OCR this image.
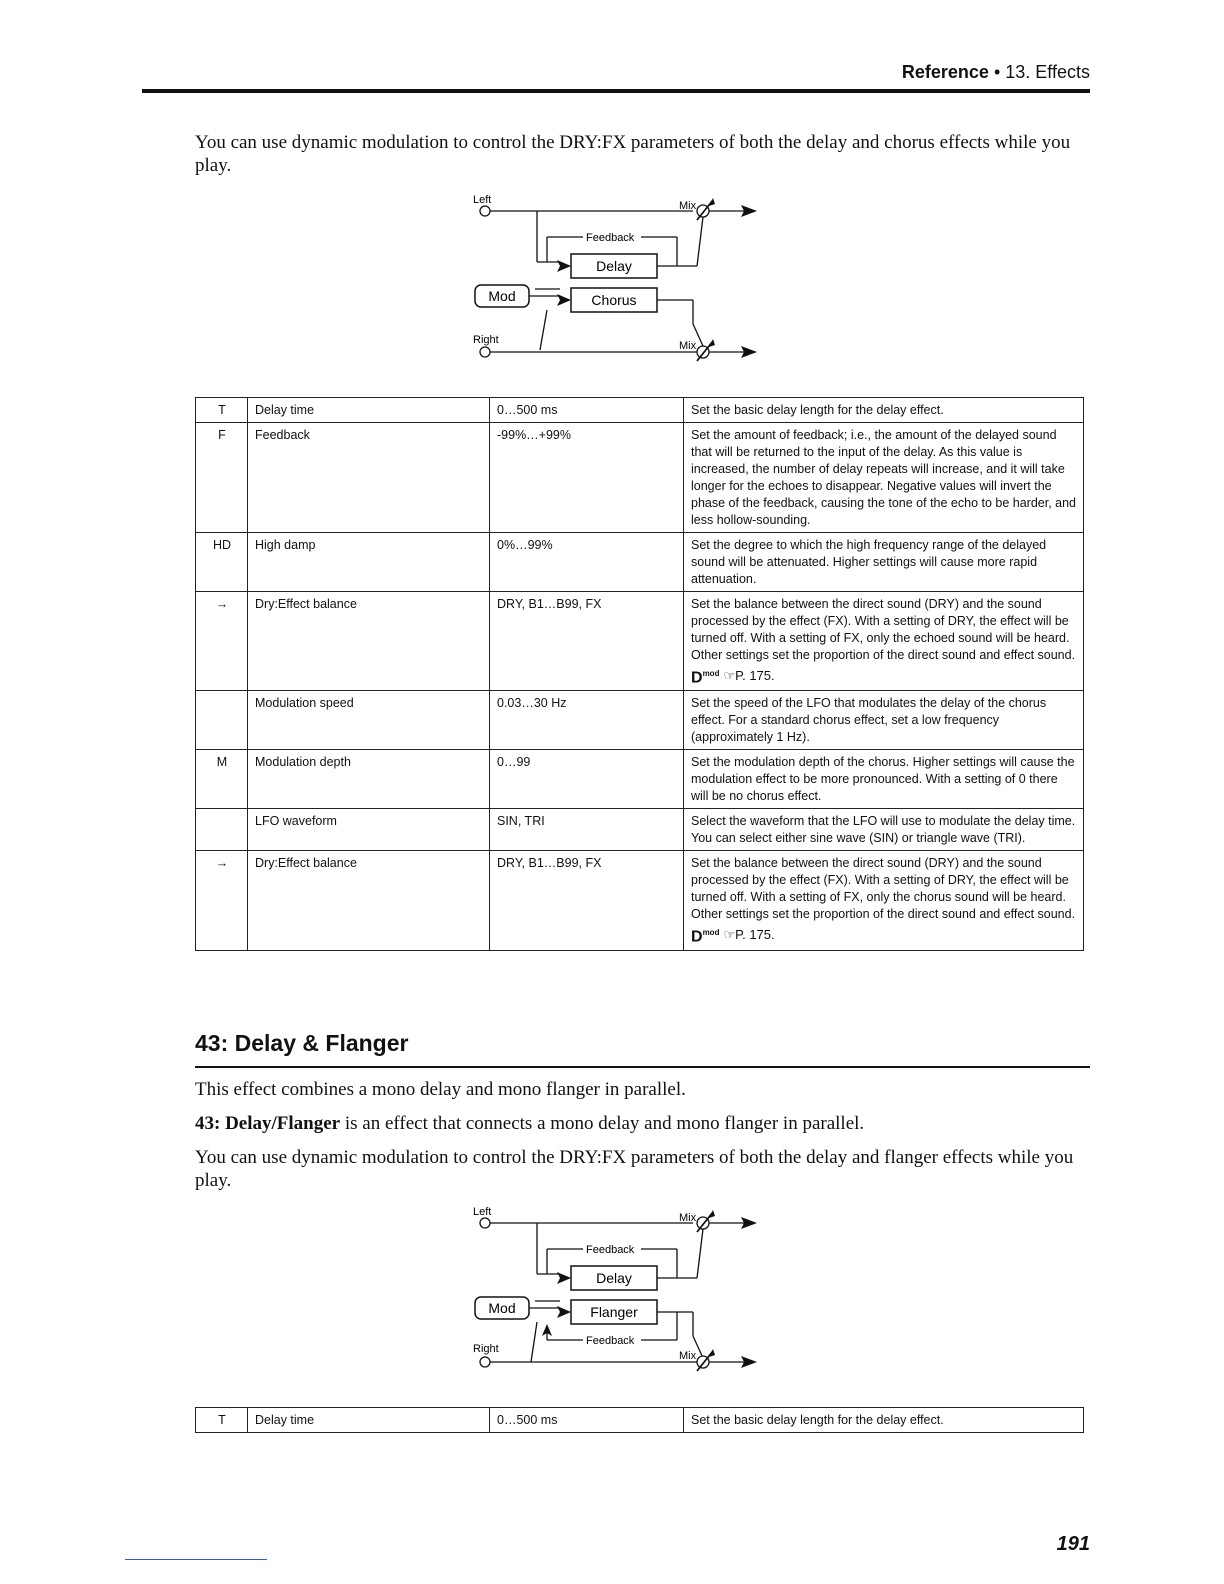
Reference • 13. Effects
You can use dynamic modulation to control the DRY:FX parameters of both the delay and chorus effects while you play.
Left	Mix
Feedback
Delay
Mod	Chorus
Right	Mix
T	Delay time	0…500 ms	Set the basic delay length for the delay effect.

F	Feedback	-99%…+99%	Set the amount of feedback; i.e., the amount of the delayed sound that will be returned to the input of the delay. As this value is increased, the number of delay repeats will increase, and it will take longer for the echoes to disappear. Negative values will invert the phase of the feedback, causing the tone of the echo to be harder, and less hollow-sounding.

HD	High damp	0%…99%	Set the degree to which the high frequency range of the delayed sound will be attenuated. Higher settings will cause more rapid attenuation.

→	Dry:Effect balance	DRY, B1…B99, FX	Set the balance between the direct sound (DRY) and the sound processed by the effect (FX). With a setting of DRY, the effect will be turned off. With a setting of FX, only the echoed sound will be heard. Other settings set the proportion of the direct sound and effect sound.
$D^{mod}$ ☞P. 175.

	Modulation speed	0.03…30 Hz	Set the speed of the LFO that modulates the delay of the chorus effect. For a standard chorus effect, set a low frequency (approximately 1 Hz).

M	Modulation depth	0…99	Set the modulation depth of the chorus. Higher settings will cause the modulation effect to be more pronounced. With a setting of 0 there will be no chorus effect.

	LFO waveform	SIN, TRI	Select the waveform that the LFO will use to modulate the delay time. You can select either sine wave (SIN) or triangle wave (TRI).

→	Dry:Effect balance	DRY, B1…B99, FX	Set the balance between the direct sound (DRY) and the sound processed by the effect (FX). With a setting of DRY, the effect will be turned off. With a setting of FX, only the chorus sound will be heard. Other settings set the proportion of the direct sound and effect sound.
$D^{mod}$ ☞P. 175.
43: Delay & Flanger
This effect combines a mono delay and mono flanger in parallel.
43: Delay/Flanger is an effect that connects a mono delay and mono flanger in parallel.
You can use dynamic modulation to control the DRY:FX parameters of both the delay and flanger effects while you play.
Left	Mix
Feedback
Delay
Mod	Flanger
Feedback
Right
Mix
T	Delay time	0…500 ms	Set the basic delay length for the delay effect.
191
